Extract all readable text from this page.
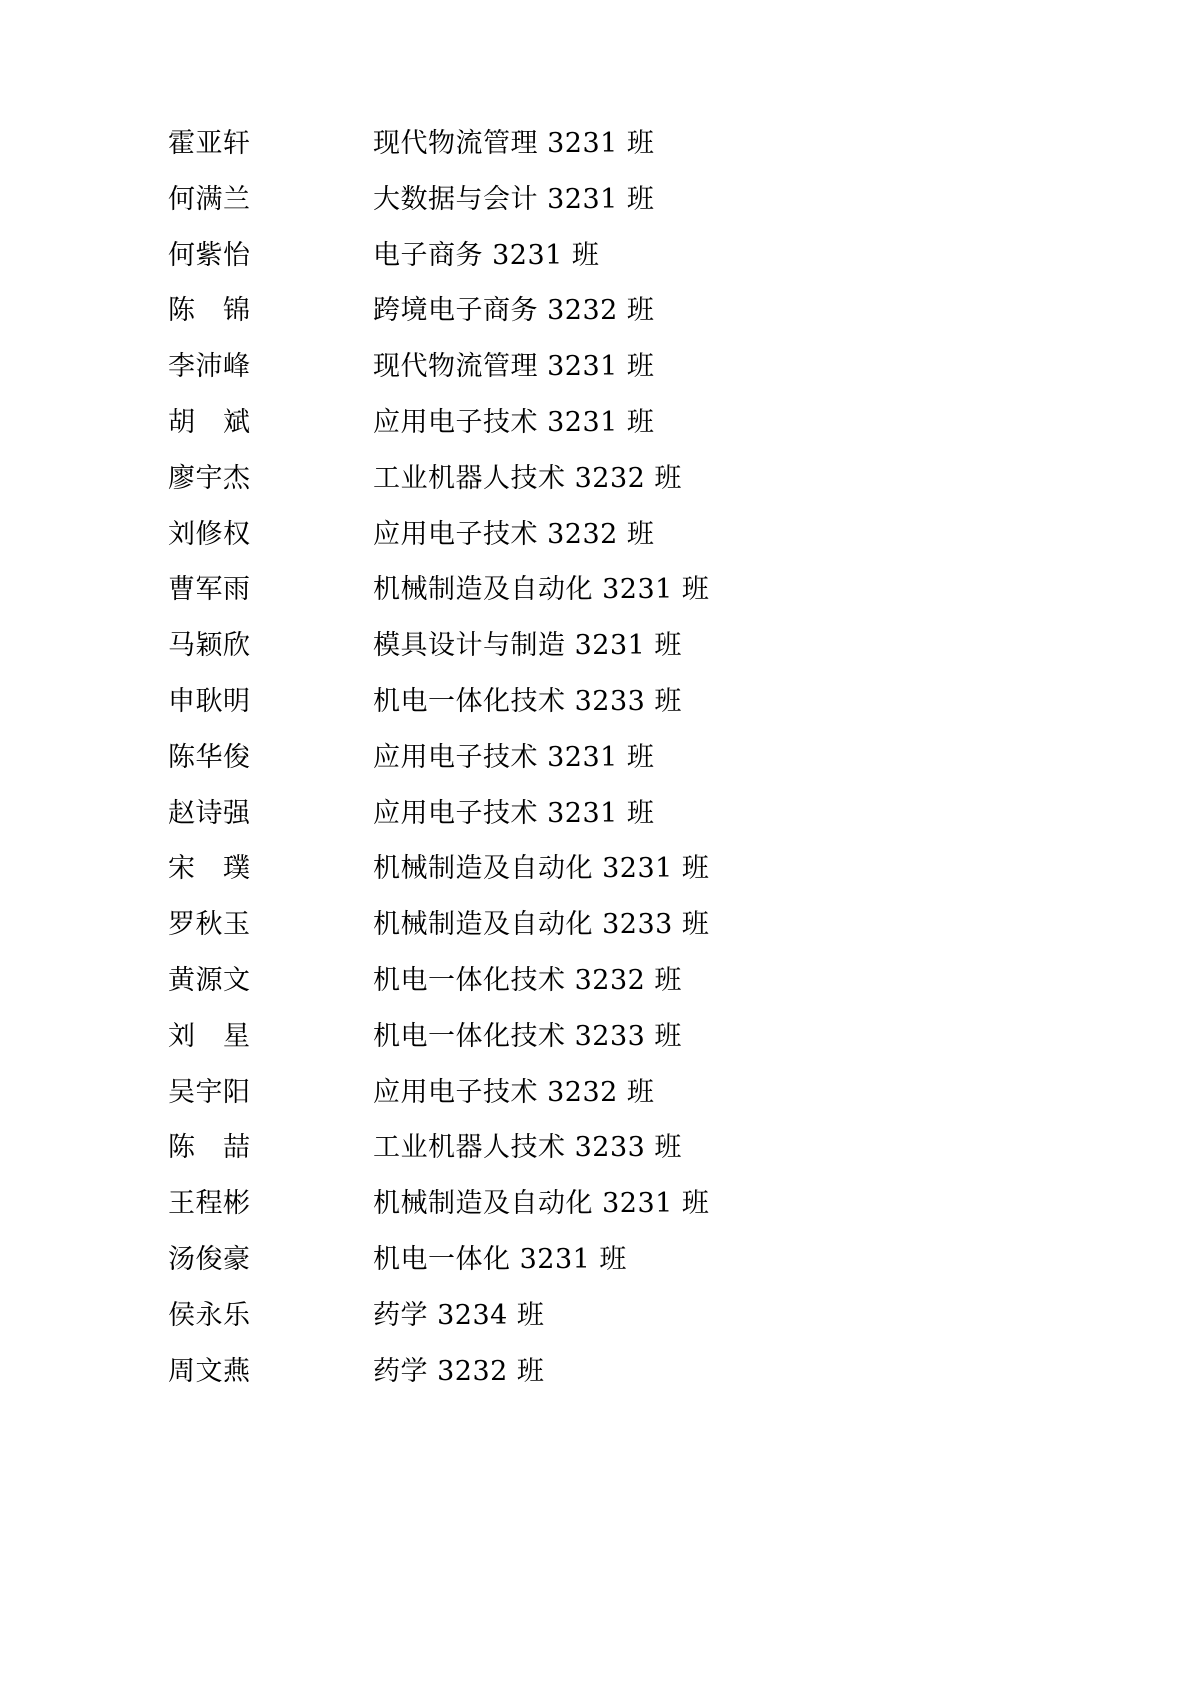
霍亚轩	现代物流管理 3231 班
何满兰	大数据与会计 3231 班
何紫怡	电子商务 3231 班
陈　锦	跨境电子商务 3232 班
李沛峰	现代物流管理 3231 班
胡　斌	应用电子技术 3231 班
廖宇杰	工业机器人技术 3232 班
刘修权	应用电子技术 3232 班
曹军雨	机械制造及自动化 3231 班
马颖欣	模具设计与制造 3231 班
申耿明	机电一体化技术 3233 班
陈华俊	应用电子技术 3231 班
赵诗强	应用电子技术 3231 班
宋　璞	机械制造及自动化 3231 班
罗秋玉	机械制造及自动化 3233 班
黄源文	机电一体化技术 3232 班
刘　星	机电一体化技术 3233 班
吴宇阳	应用电子技术 3232 班
陈　喆	工业机器人技术 3233 班
王程彬	机械制造及自动化 3231 班
汤俊豪	机电一体化 3231 班
侯永乐	药学 3234 班
周文燕	药学 3232 班
